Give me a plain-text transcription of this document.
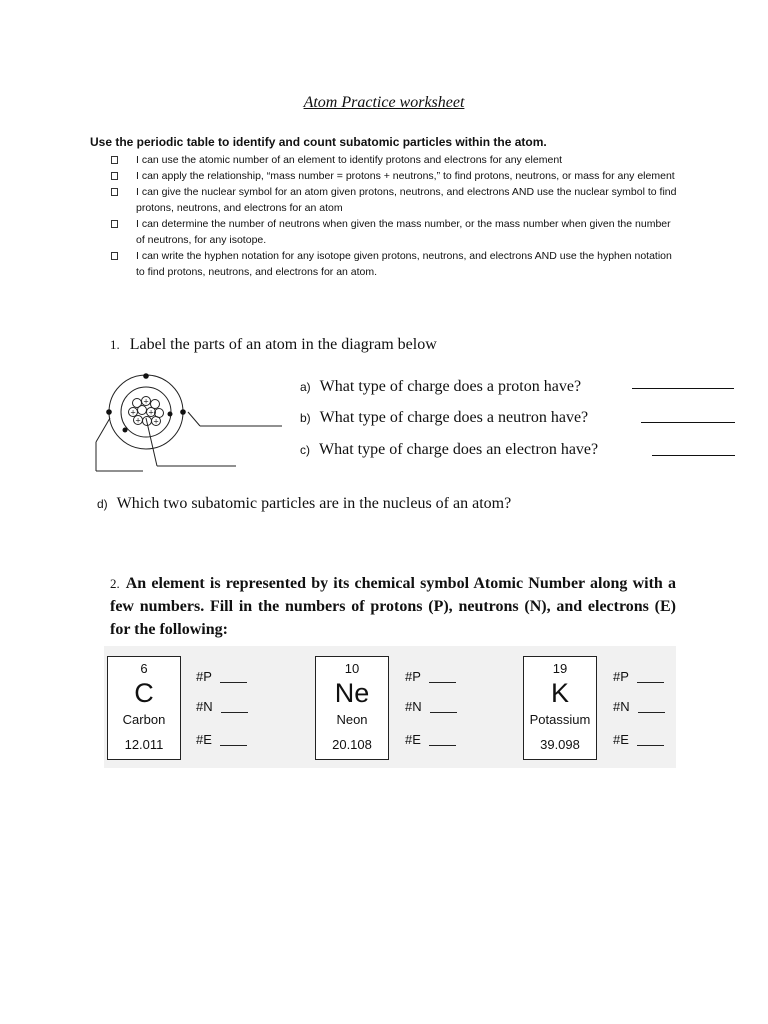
Atom Practice worksheet
Use the periodic table to identify and count subatomic particles within the atom.
I can use the atomic number of an element to identify protons and electrons for any element
I can apply the relationship, “mass number = protons + neutrons,” to find protons, neutrons, or mass for any element
I can give the nuclear symbol for an atom given protons, neutrons, and electrons AND use the nuclear symbol to find protons, neutrons, and electrons for an atom
I can determine the number of neutrons when given the mass number, or the mass number when given the number of neutrons, for any isotope.
I can write the hyphen notation for any isotope given protons, neutrons, and electrons AND use the hyphen notation to find protons, neutrons, and electrons for an atom.
1. Label the parts of an atom in the diagram below
+
+ +
+ +
a) What type of charge does a proton have?
b) What type of charge does a neutron have?
c) What type of charge does an electron have?
d) Which two subatomic particles are in the nucleus of an atom?
2. An element is represented by its chemical symbol Atomic Number along with a few numbers. Fill in the numbers of protons (P), neutrons (N), and electrons (E) for the following:
6
C
Carbon
12.011
#P
#N
#E
10
Ne
Neon
20.108
#P
#N
#E
19
K
Potassium
39.098
#P
#N
#E
